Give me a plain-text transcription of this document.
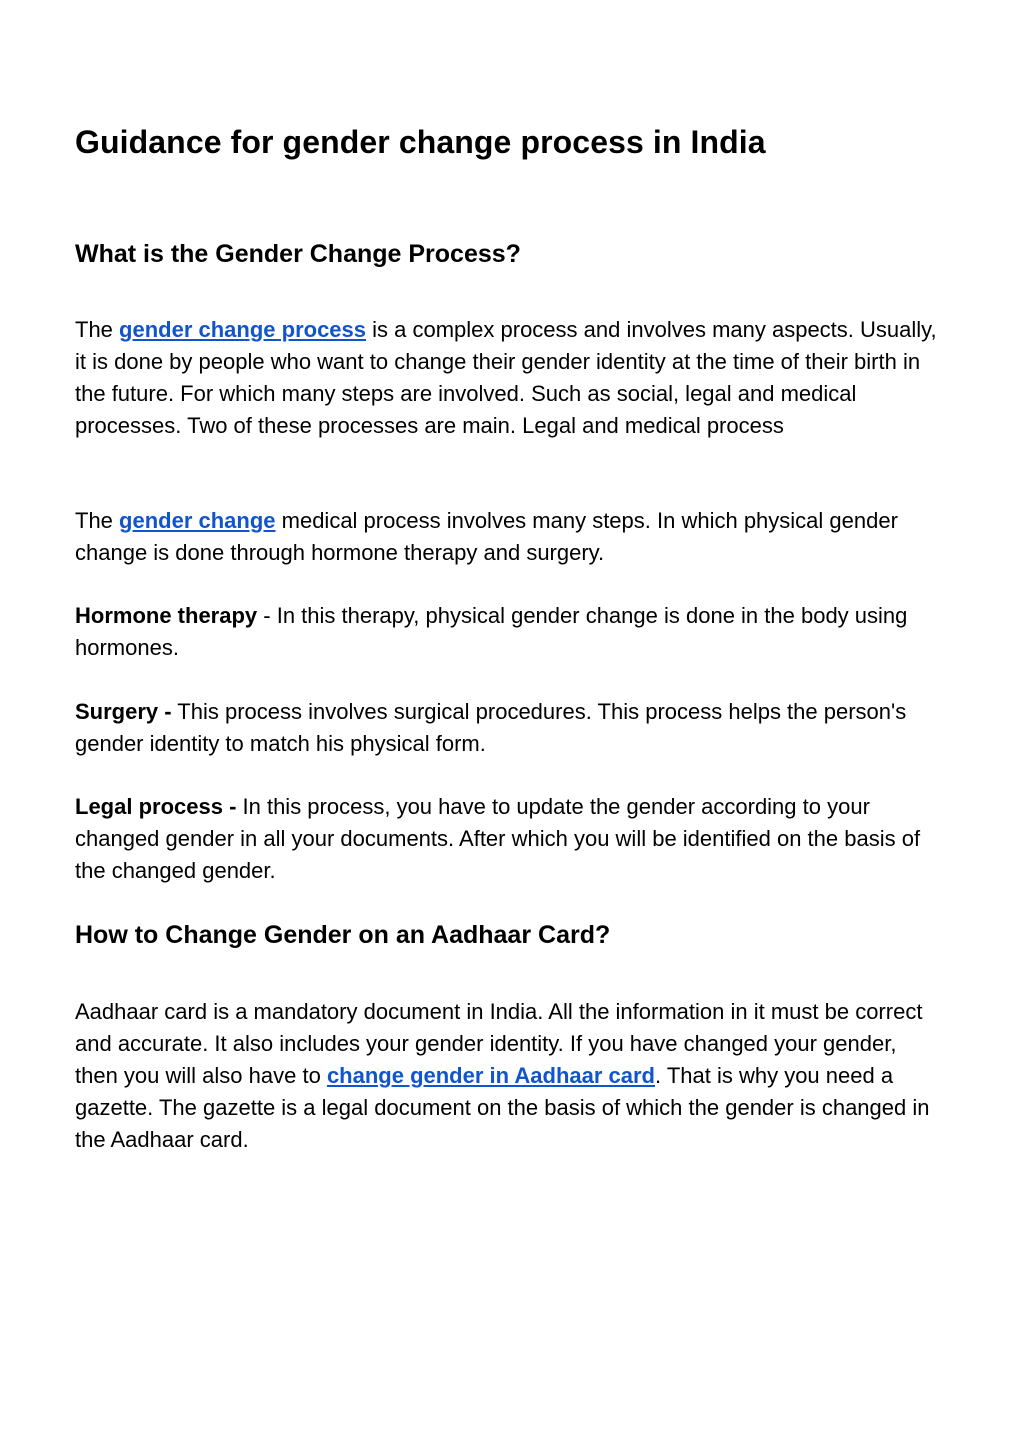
Guidance for gender change process in India
What is the Gender Change Process?

The gender change process is a complex process and involves many aspects. Usually, it is done by people who want to change their gender identity at the time of their birth in the future. For which many steps are involved. Such as social, legal and medical processes. Two of these processes are main. Legal and medical process

The gender change medical process involves many steps. In which physical gender change is done through hormone therapy and surgery.

Hormone therapy - In this therapy, physical gender change is done in the body using hormones.

Surgery - This process involves surgical procedures. This process helps the person's gender identity to match his physical form.

Legal process - In this process, you have to update the gender according to your changed gender in all your documents. After which you will be identified on the basis of the changed gender.

How to Change Gender on an Aadhaar Card?

Aadhaar card is a mandatory document in India. All the information in it must be correct and accurate. It also includes your gender identity. If you have changed your gender, then you will also have to change gender in Aadhaar card. That is why you need a gazette. The gazette is a legal document on the basis of which the gender is changed in the Aadhaar card.
